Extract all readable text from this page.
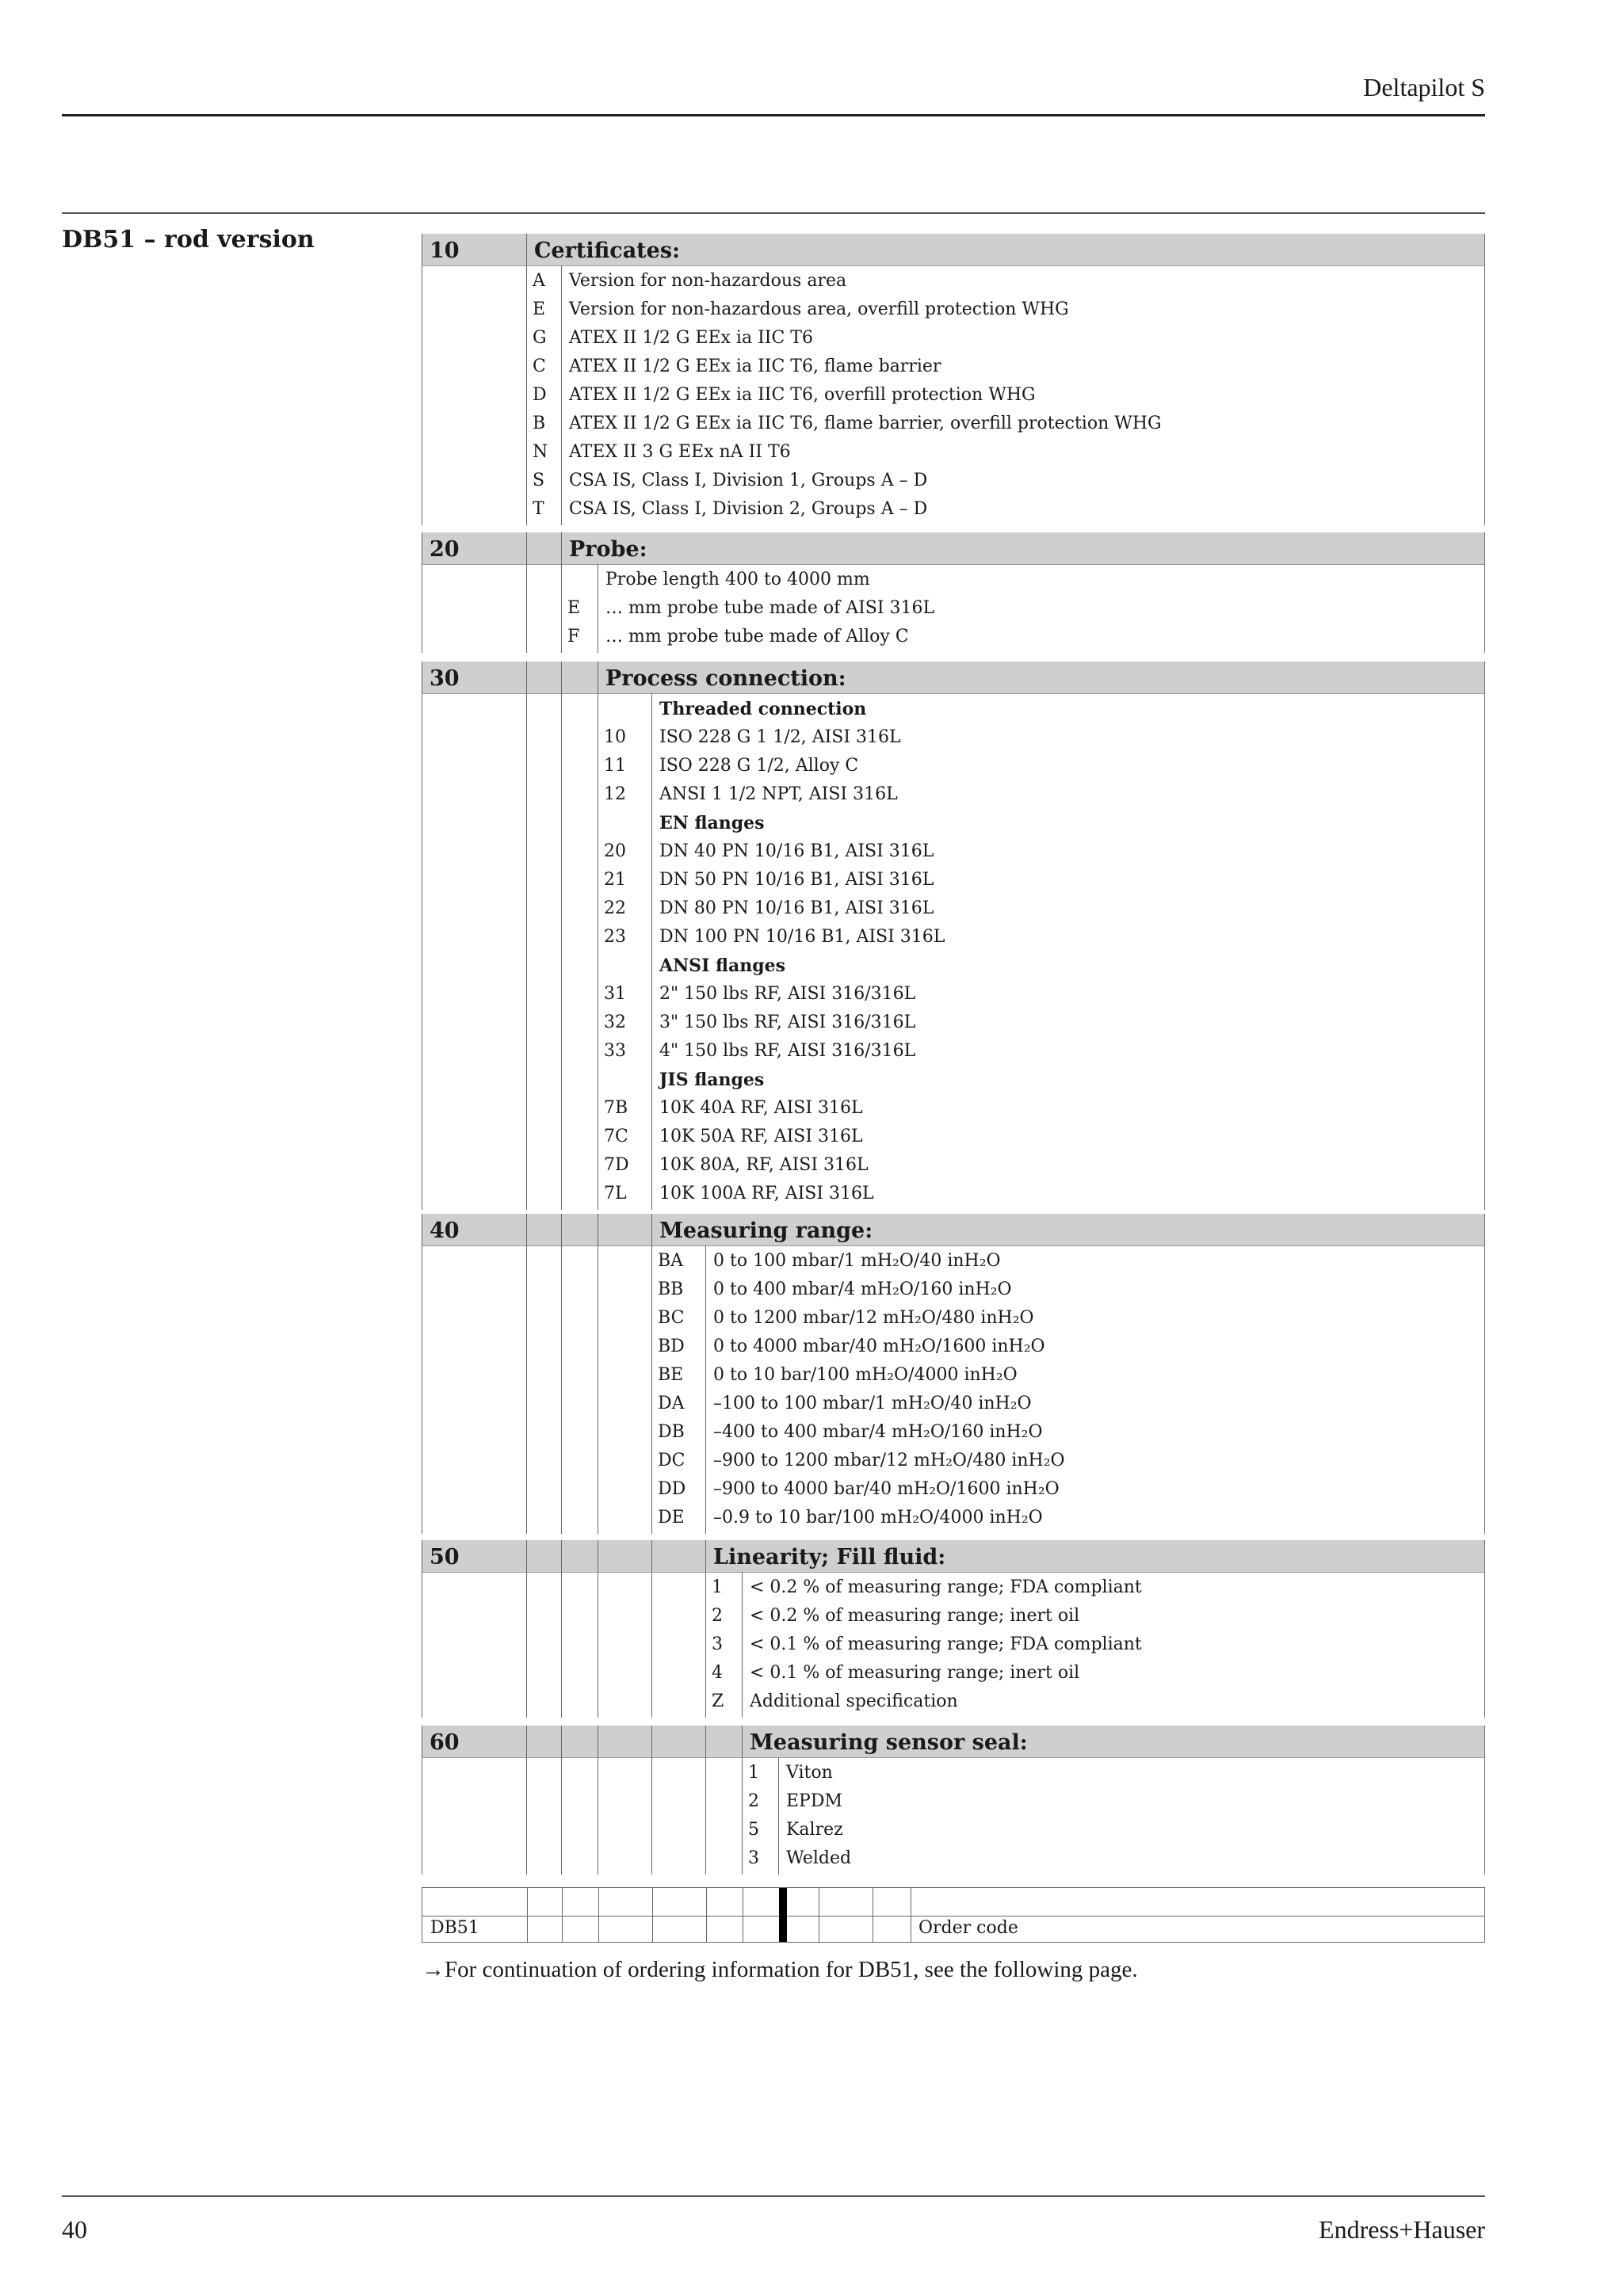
Deltapilot S
DB51 – rod version	10	Certificates:
A Version for non-hazardous area
E Version for non-hazardous area, overfill protection WHG
G ATEX II 1/2 G EEx ia IIC T6
C ATEX II 1/2 G EEx ia IIC T6, flame barrier
D ATEX II 1/2 G EEx ia IIC T6, overfill protection WHG
B ATEX II 1/2 G EEx ia IIC T6, flame barrier, overfill protection WHG
N ATEX II 3 G EEx nA II T6
S CSA IS, Class I, Division 1, Groups A – D
T CSA IS, Class I, Division 2, Groups A – D
20	Probe:
Probe length 400 to 4000 mm
E … mm probe tube made of AISI 316L
F … mm probe tube made of Alloy C
30	Process connection:
Threaded connection
10 ISO 228 G 1 1/2, AISI 316L
11 ISO 228 G 1/2, Alloy C
12 ANSI 1 1/2 NPT, AISI 316L
EN flanges
20 DN 40 PN 10/16 B1, AISI 316L
21 DN 50 PN 10/16 B1, AISI 316L
22 DN 80 PN 10/16 B1, AISI 316L
23 DN 100 PN 10/16 B1, AISI 316L
ANSI flanges
31 2" 150 lbs RF, AISI 316/316L
32 3" 150 lbs RF, AISI 316/316L
33 4" 150 lbs RF, AISI 316/316L
JIS flanges
7B 10K 40A RF, AISI 316L
7C 10K 50A RF, AISI 316L
7D 10K 80A, RF, AISI 316L
7L 10K 100A RF, AISI 316L
40	Measuring range:
BA 0 to 100 mbar/1 mH₂O/40 inH₂O
BB 0 to 400 mbar/4 mH₂O/160 inH₂O
BC 0 to 1200 mbar/12 mH₂O/480 inH₂O
BD 0 to 4000 mbar/40 mH₂O/1600 inH₂O
BE 0 to 10 bar/100 mH₂O/4000 inH₂O
DA –100 to 100 mbar/1 mH₂O/40 inH₂O
DB –400 to 400 mbar/4 mH₂O/160 inH₂O
DC –900 to 1200 mbar/12 mH₂O/480 inH₂O
DD –900 to 4000 bar/40 mH₂O/1600 inH₂O
DE –0.9 to 10 bar/100 mH₂O/4000 inH₂O
50	Linearity; Fill fluid:
1 < 0.2 % of measuring range; FDA compliant
2 < 0.2 % of measuring range; inert oil
3 < 0.1 % of measuring range; FDA compliant
4 < 0.1 % of measuring range; inert oil
Z Additional specification
60	Measuring sensor seal:
1 Viton
2 EPDM
5 Kalrez
3 Welded
DB51	Order code
→For continuation of ordering information for DB51, see the following page.
40	Endress+Hauser
